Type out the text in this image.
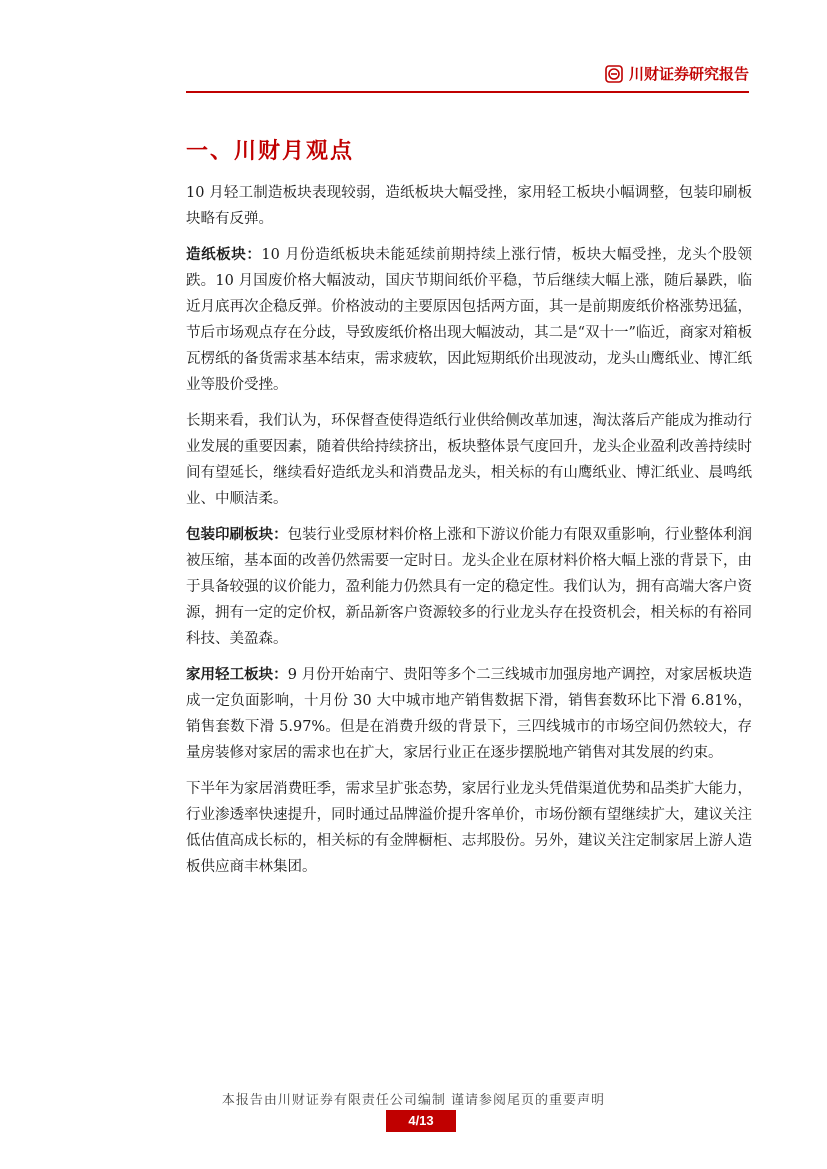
川财证券研究报告
一、川财月观点

10 月轻工制造板块表现较弱，造纸板块大幅受挫，家用轻工板块小幅调整，包装印刷板块略有反弹。

造纸板块：10 月份造纸板块未能延续前期持续上涨行情，板块大幅受挫，龙头个股领跌。10 月国废价格大幅波动，国庆节期间纸价平稳，节后继续大幅上涨，随后暴跌，临近月底再次企稳反弹。价格波动的主要原因包括两方面，其一是前期废纸价格涨势迅猛，节后市场观点存在分歧，导致废纸价格出现大幅波动，其二是“双十一”临近，商家对箱板瓦楞纸的备货需求基本结束，需求疲软，因此短期纸价出现波动，龙头山鹰纸业、博汇纸业等股价受挫。

长期来看，我们认为，环保督查使得造纸行业供给侧改革加速，淘汰落后产能成为推动行业发展的重要因素，随着供给持续挤出，板块整体景气度回升，龙头企业盈利改善持续时间有望延长，继续看好造纸龙头和消费品龙头，相关标的有山鹰纸业、博汇纸业、晨鸣纸业、中顺洁柔。

包装印刷板块：包装行业受原材料价格上涨和下游议价能力有限双重影响，行业整体利润被压缩，基本面的改善仍然需要一定时日。龙头企业在原材料价格大幅上涨的背景下，由于具备较强的议价能力，盈利能力仍然具有一定的稳定性。我们认为，拥有高端大客户资源，拥有一定的定价权，新品新客户资源较多的行业龙头存在投资机会，相关标的有裕同科技、美盈森。

家用轻工板块：9 月份开始南宁、贵阳等多个二三线城市加强房地产调控，对家居板块造成一定负面影响，十月份 30 大中城市地产销售数据下滑，销售套数环比下滑 6.81%，销售套数下滑 5.97%。但是在消费升级的背景下，三四线城市的市场空间仍然较大，存量房装修对家居的需求也在扩大，家居行业正在逐步摆脱地产销售对其发展的约束。

下半年为家居消费旺季，需求呈扩张态势，家居行业龙头凭借渠道优势和品类扩大能力，行业渗透率快速提升，同时通过品牌溢价提升客单价，市场份额有望继续扩大，建议关注低估值高成长标的，相关标的有金牌橱柜、志邦股份。另外，建议关注定制家居上游人造板供应商丰林集团。

本报告由川财证券有限责任公司编制 谨请参阅尾页的重要声明
4/13
